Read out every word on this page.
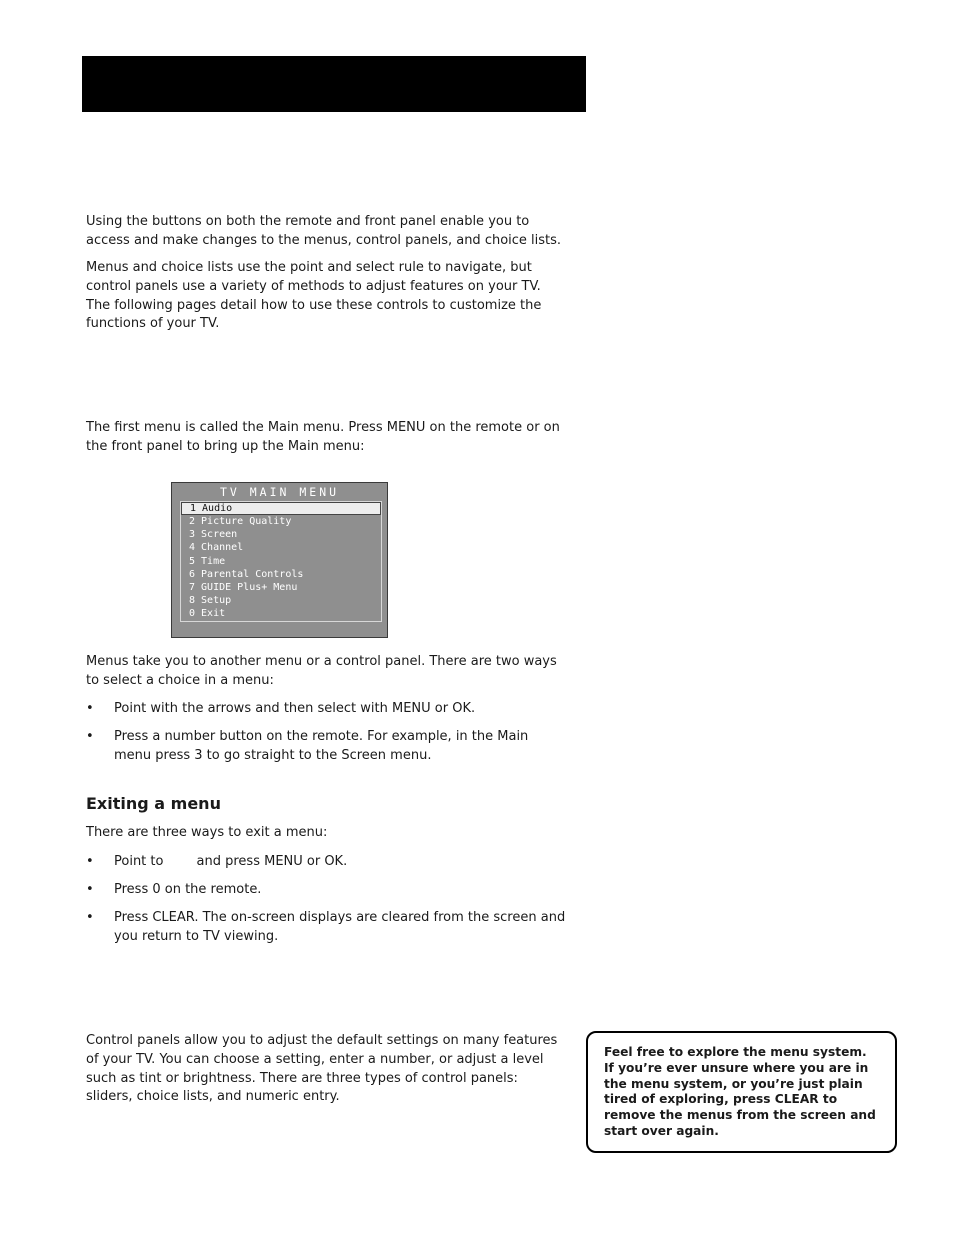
Using the buttons on both the remote and front panel enable you to access and make changes to the menus, control panels, and choice lists.

Menus and choice lists use the point and select rule to navigate, but control panels use a variety of methods to adjust features on your TV. The following pages detail how to use these controls to customize the functions of your TV.

The first menu is called the Main menu. Press MENU on the remote or on the front panel to bring up the Main menu:

TV MAIN MENU
1 Audio
2 Picture Quality
3 Screen
4 Channel
5 Time
6 Parental Controls
7 GUIDE Plus+ Menu
8 Setup
0 Exit

Menus take you to another menu or a control panel. There are two ways to select a choice in a menu:

• Point with the arrows and then select with MENU or OK.
• Press a number button on the remote. For example, in the Main menu press 3 to go straight to the Screen menu.
Exiting a menu

There are three ways to exit a menu:

• Point to        and press MENU or OK.
• Press 0 on the remote.
• Press CLEAR. The on-screen displays are cleared from the screen and you return to TV viewing.

Control panels allow you to adjust the default settings on many features of your TV. You can choose a setting, enter a number, or adjust a level such as tint or brightness. There are three types of control panels: sliders, choice lists, and numeric entry.

Feel free to explore the menu system. If you’re ever unsure where you are in the menu system, or you’re just plain tired of exploring, press CLEAR to remove the menus from the screen and start over again.
